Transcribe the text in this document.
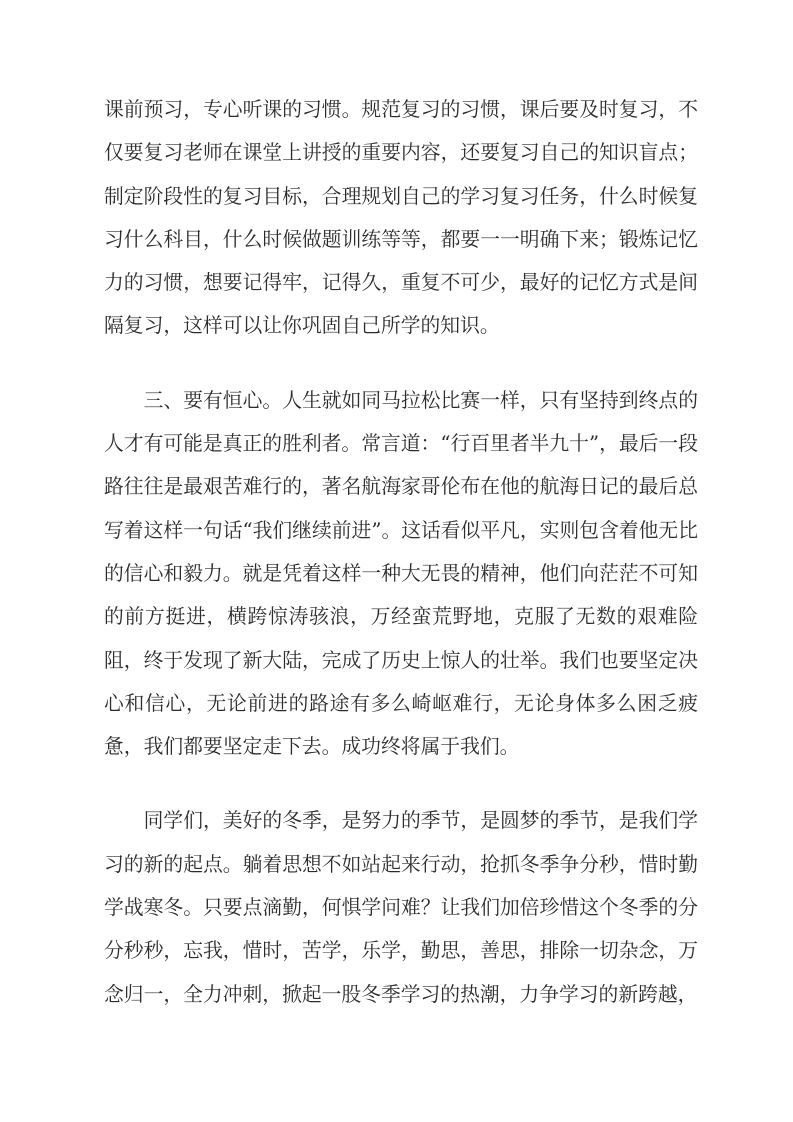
课前预习，专心听课的习惯。规范复习的习惯，课后要及时复习，不仅要复习老师在课堂上讲授的重要内容，还要复习自己的知识盲点；制定阶段性的复习目标，合理规划自己的学习复习任务，什么时候复习什么科目，什么时候做题训练等等，都要一一明确下来；锻炼记忆力的习惯，想要记得牢，记得久，重复不可少，最好的记忆方式是间隔复习，这样可以让你巩固自己所学的知识。

三、要有恒心。人生就如同马拉松比赛一样，只有坚持到终点的人才有可能是真正的胜利者。常言道：“行百里者半九十”，最后一段路往往是最艰苦难行的，著名航海家哥伦布在他的航海日记的最后总写着这样一句话“我们继续前进”。这话看似平凡，实则包含着他无比的信心和毅力。就是凭着这样一种大无畏的精神，他们向茫茫不可知的前方挺进，横跨惊涛骇浪，万经蛮荒野地，克服了无数的艰难险阻，终于发现了新大陆，完成了历史上惊人的壮举。我们也要坚定决心和信心，无论前进的路途有多么崎岖难行，无论身体多么困乏疲惫，我们都要坚定走下去。成功终将属于我们。

同学们，美好的冬季，是努力的季节，是圆梦的季节，是我们学习的新的起点。躺着思想不如站起来行动，抢抓冬季争分秒，惜时勤学战寒冬。只要点滴勤，何惧学问难？让我们加倍珍惜这个冬季的分分秒秒，忘我，惜时，苦学，乐学，勤思，善思，排除一切杂念，万念归一，全力冲刺，掀起一股冬季学习的热潮，力争学习的新跨越，
